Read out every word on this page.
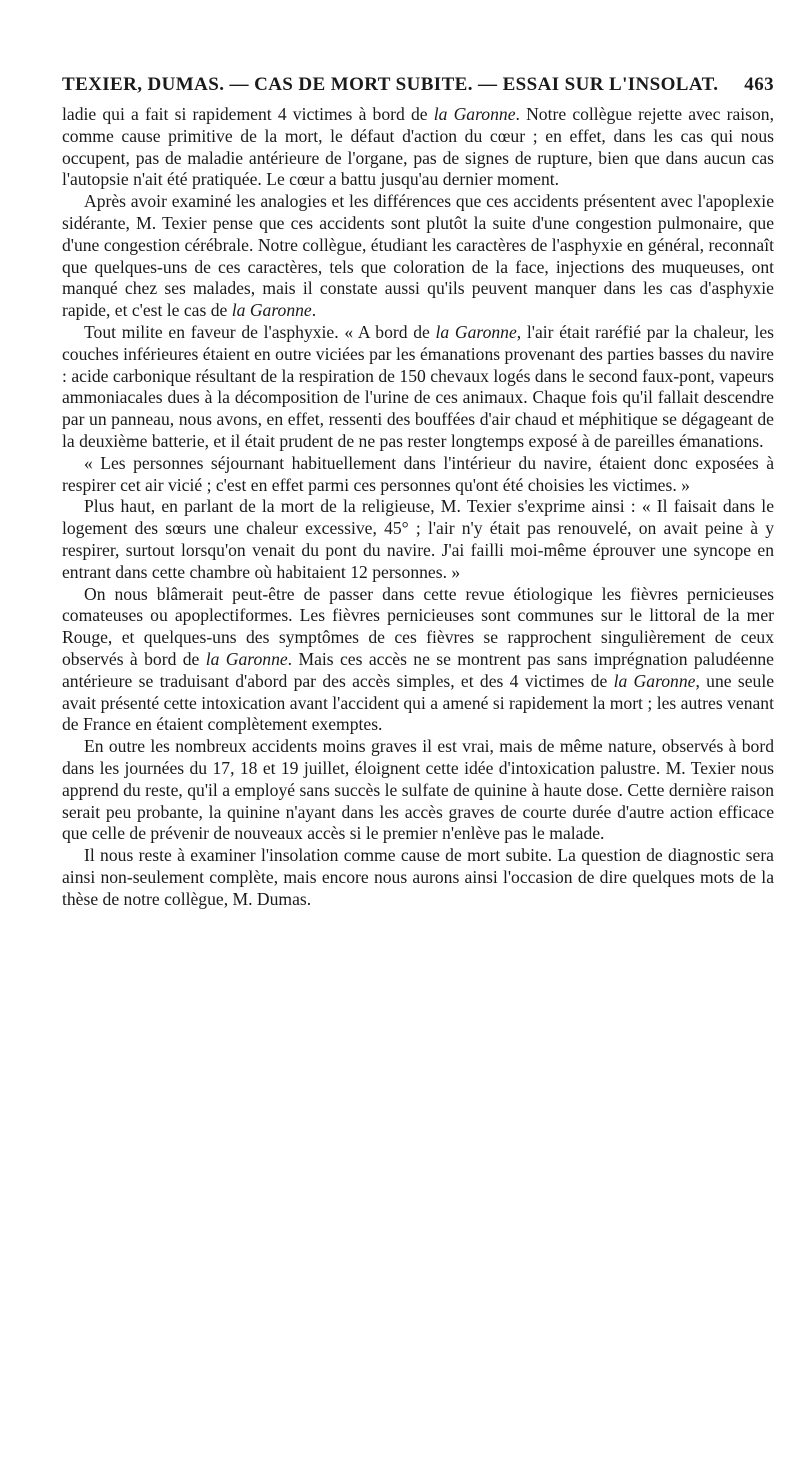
TEXIER, DUMAS. — CAS DE MORT SUBITE. — ESSAI SUR L'INSOLAT. 463

ladie qui a fait si rapidement 4 victimes à bord de la Garonne. Notre collègue rejette avec raison, comme cause primitive de la mort, le défaut d'action du cœur ; en effet, dans les cas qui nous occupent, pas de maladie antérieure de l'organe, pas de signes de rupture, bien que dans aucun cas l'autopsie n'ait été pratiquée. Le cœur a battu jusqu'au dernier moment.

Après avoir examiné les analogies et les différences que ces accidents présentent avec l'apoplexie sidérante, M. Texier pense que ces accidents sont plutôt la suite d'une congestion pulmonaire, que d'une congestion cérébrale. Notre collègue, étudiant les caractères de l'asphyxie en général, reconnaît que quelques-uns de ces caractères, tels que coloration de la face, injections des muqueuses, ont manqué chez ses malades, mais il constate aussi qu'ils peuvent manquer dans les cas d'asphyxie rapide, et c'est le cas de la Garonne.

Tout milite en faveur de l'asphyxie. « A bord de la Garonne, l'air était raréfié par la chaleur, les couches inférieures étaient en outre viciées par les émanations provenant des parties basses du navire : acide carbonique résultant de la respiration de 150 chevaux logés dans le second faux-pont, vapeurs ammoniacales dues à la décomposition de l'urine de ces animaux. Chaque fois qu'il fallait descendre par un panneau, nous avons, en effet, ressenti des bouffées d'air chaud et méphitique se dégageant de la deuxième batterie, et il était prudent de ne pas rester longtemps exposé à de pareilles émanations.

« Les personnes séjournant habituellement dans l'intérieur du navire, étaient donc exposées à respirer cet air vicié ; c'est en effet parmi ces personnes qu'ont été choisies les victimes. »

Plus haut, en parlant de la mort de la religieuse, M. Texier s'exprime ainsi : « Il faisait dans le logement des sœurs une chaleur excessive, 45° ; l'air n'y était pas renouvelé, on avait peine à y respirer, surtout lorsqu'on venait du pont du navire. J'ai failli moi-même éprouver une syncope en entrant dans cette chambre où habitaient 12 personnes. »

On nous blâmerait peut-être de passer dans cette revue étiologique les fièvres pernicieuses comateuses ou apoplectiformes. Les fièvres pernicieuses sont communes sur le littoral de la mer Rouge, et quelques-uns des symptômes de ces fièvres se rapprochent singulièrement de ceux observés à bord de la Garonne. Mais ces accès ne se montrent pas sans imprégnation paludéenne antérieure se traduisant d'abord par des accès simples, et des 4 victimes de la Garonne, une seule avait présenté cette intoxication avant l'accident qui a amené si rapidement la mort ; les autres venant de France en étaient complètement exemptes.

En outre les nombreux accidents moins graves il est vrai, mais de même nature, observés à bord dans les journées du 17, 18 et 19 juillet, éloignent cette idée d'intoxication palustre. M. Texier nous apprend du reste, qu'il a employé sans succès le sulfate de quinine à haute dose. Cette dernière raison serait peu probante, la quinine n'ayant dans les accès graves de courte durée d'autre action efficace que celle de prévenir de nouveaux accès si le premier n'enlève pas le malade.

Il nous reste à examiner l'insolation comme cause de mort subite. La question de diagnostic sera ainsi non-seulement complète, mais encore nous aurons ainsi l'occasion de dire quelques mots de la thèse de notre collègue, M. Dumas.
